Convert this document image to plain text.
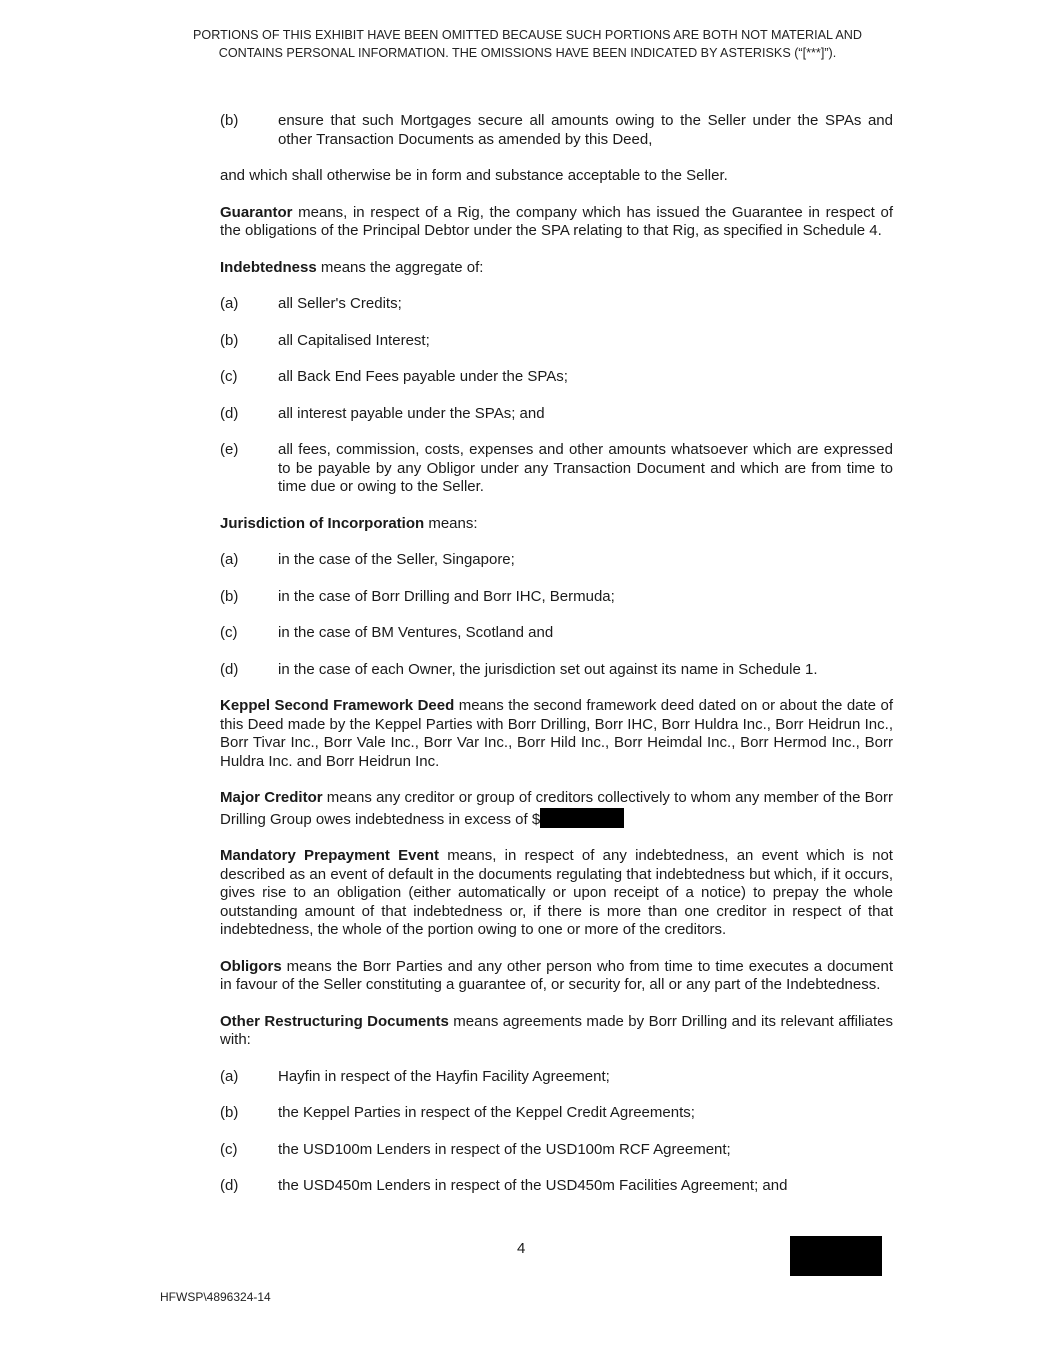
PORTIONS OF THIS EXHIBIT HAVE BEEN OMITTED BECAUSE SUCH PORTIONS ARE BOTH NOT MATERIAL AND
CONTAINS PERSONAL INFORMATION. THE OMISSIONS HAVE BEEN INDICATED BY ASTERISKS (“[***]”).
(b)	ensure that such Mortgages secure all amounts owing to the Seller under the SPAs and other Transaction Documents as amended by this Deed,

and which shall otherwise be in form and substance acceptable to the Seller.

Guarantor means, in respect of a Rig, the company which has issued the Guarantee in respect of the obligations of the Principal Debtor under the SPA relating to that Rig, as specified in Schedule 4.

Indebtedness means the aggregate of:

(a)	all Seller's Credits;
(b)	all Capitalised Interest;
(c)	all Back End Fees payable under the SPAs;
(d)	all interest payable under the SPAs; and
(e)	all fees, commission, costs, expenses and other amounts whatsoever which are expressed to be payable by any Obligor under any Transaction Document and which are from time to time due or owing to the Seller.

Jurisdiction of Incorporation means:

(a)	in the case of the Seller, Singapore;
(b)	in the case of Borr Drilling and Borr IHC, Bermuda;
(c)	in the case of BM Ventures, Scotland and
(d)	in the case of each Owner, the jurisdiction set out against its name in Schedule 1.

Keppel Second Framework Deed means the second framework deed dated on or about the date of this Deed made by the Keppel Parties with Borr Drilling, Borr IHC, Borr Huldra Inc., Borr Heidrun Inc., Borr Tivar Inc., Borr Vale Inc., Borr Var Inc., Borr Hild Inc., Borr Heimdal Inc., Borr Hermod Inc., Borr Huldra Inc. and Borr Heidrun Inc.

Major Creditor means any creditor or group of creditors collectively to whom any member of the Borr Drilling Group owes indebtedness in excess of $

Mandatory Prepayment Event means, in respect of any indebtedness, an event which is not described as an event of default in the documents regulating that indebtedness but which, if it occurs, gives rise to an obligation (either automatically or upon receipt of a notice) to prepay the whole outstanding amount of that indebtedness or, if there is more than one creditor in respect of that indebtedness, the whole of the portion owing to one or more of the creditors.

Obligors means the Borr Parties and any other person who from time to time executes a document in favour of the Seller constituting a guarantee of, or security for, all or any part of the Indebtedness.

Other Restructuring Documents means agreements made by Borr Drilling and its relevant affiliates with:

(a)	Hayfin in respect of the Hayfin Facility Agreement;
(b)	the Keppel Parties in respect of the Keppel Credit Agreements;
(c)	the USD100m Lenders in respect of the USD100m RCF Agreement;
(d)	the USD450m Lenders in respect of the USD450m Facilities Agreement; and
4
HFWSP\4896324-14
